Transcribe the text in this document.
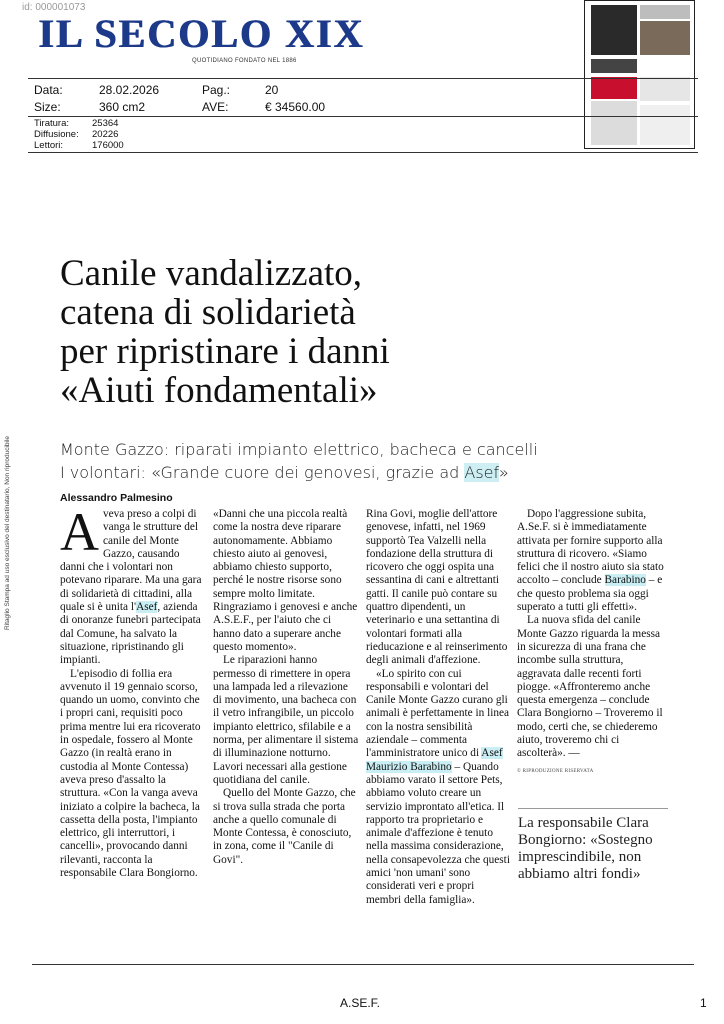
id: 000001073
IL SECOLO XIX
QUOTIDIANO FONDATO NEL 1886
Data:	28.02.2026	Pag.:	20
Size:	360 cm2	AVE:	€ 34560.00
Tiratura: 25364
Diffusione: 20226
Lettori:	176000
Ritaglio Stampa ad uso esclusivo del destinatario, Non riproducibile
Canile vandalizzato,
catena di solidarietà
per ripristinare i danni
«Aiuti fondamentali»
Monte Gazzo: riparati impianto elettrico, bacheca e cancelli
I volontari: «Grande cuore dei genovesi, grazie ad Asef»
Alessandro Palmesino

Aveva preso a colpi di vanga le strutture del canile del Monte Gazzo, causando danni che i volontari non potevano riparare. Ma una gara di solidarietà di cittadini, alla quale si è unita l'Asef, azienda di onoranze funebri partecipata dal Comune, ha salvato la situazione, ripristinando gli impianti.

L'episodio di follia era avvenuto il 19 gennaio scorso, quando un uomo, convinto che i propri cani, requisiti poco prima mentre lui era ricoverato in ospedale, fossero al Monte Gazzo (in realtà erano in custodia al Monte Contessa) aveva preso d'assalto la struttura. «Con la vanga aveva iniziato a colpire la bacheca, la cassetta della posta, l'impianto elettrico, gli interruttori, i cancelli», provocando danni rilevanti, racconta la responsabile Clara Bongiorno.

«Danni che una piccola realtà come la nostra deve riparare autonomamente. Abbiamo chiesto aiuto ai genovesi, abbiamo chiesto supporto, perché le nostre risorse sono sempre molto limitate. Ringraziamo i genovesi e anche A.S.E.F., per l'aiuto che ci hanno dato a superare anche questo momento».

Le riparazioni hanno permesso di rimettere in opera una lampada led a rilevazione di movimento, una bacheca con il vetro infrangibile, un piccolo impianto elettrico, sfilabile e a norma, per alimentare il sistema di illuminazione notturno. Lavori necessari alla gestione quotidiana del canile.

Quello del Monte Gazzo, che si trova sulla strada che porta anche a quello comunale di Monte Contessa, è conosciuto, in zona, come il "Canile di Govi".

Rina Govi, moglie dell'attore genovese, infatti, nel 1969 supportò Tea Valzelli nella fondazione della struttura di ricovero che oggi ospita una sessantina di cani e altrettanti gatti. Il canile può contare su quattro dipendenti, un veterinario e una settantina di volontari formati alla rieducazione e al reinserimento degli animali d'affezione.

«Lo spirito con cui responsabili e volontari del Canile Monte Gazzo curano gli animali è perfettamente in linea con la nostra sensibilità aziendale – commenta l'amministratore unico di Asef Maurizio Barabino – Quando abbiamo varato il settore Pets, abbiamo voluto creare un servizio improntato all'etica. Il rapporto tra proprietario e animale d'affezione è tenuto nella massima considerazione, nella consapevolezza che questi amici 'non umani' sono considerati veri e propri membri della famiglia».

Dopo l'aggressione subita, A.Se.F. si è immediatamente attivata per fornire supporto alla struttura di ricovero. «Siamo felici che il nostro aiuto sia stato accolto – conclude Barabino – e che questo problema sia oggi superato a tutti gli effetti».

La nuova sfida del canile Monte Gazzo riguarda la messa in sicurezza di una frana che incombe sulla struttura, aggravata dalle recenti forti piogge. «Affronteremo anche questa emergenza – conclude Clara Bongiorno – Troveremo il modo, certi che, se chiederemo aiuto, troveremo chi ci ascolterà». —

© RIPRODUZIONE RISERVATA
La responsabile Clara Bongiorno: «Sostegno imprescindibile, non abbiamo altri fondi»
A.SE.F.	1
